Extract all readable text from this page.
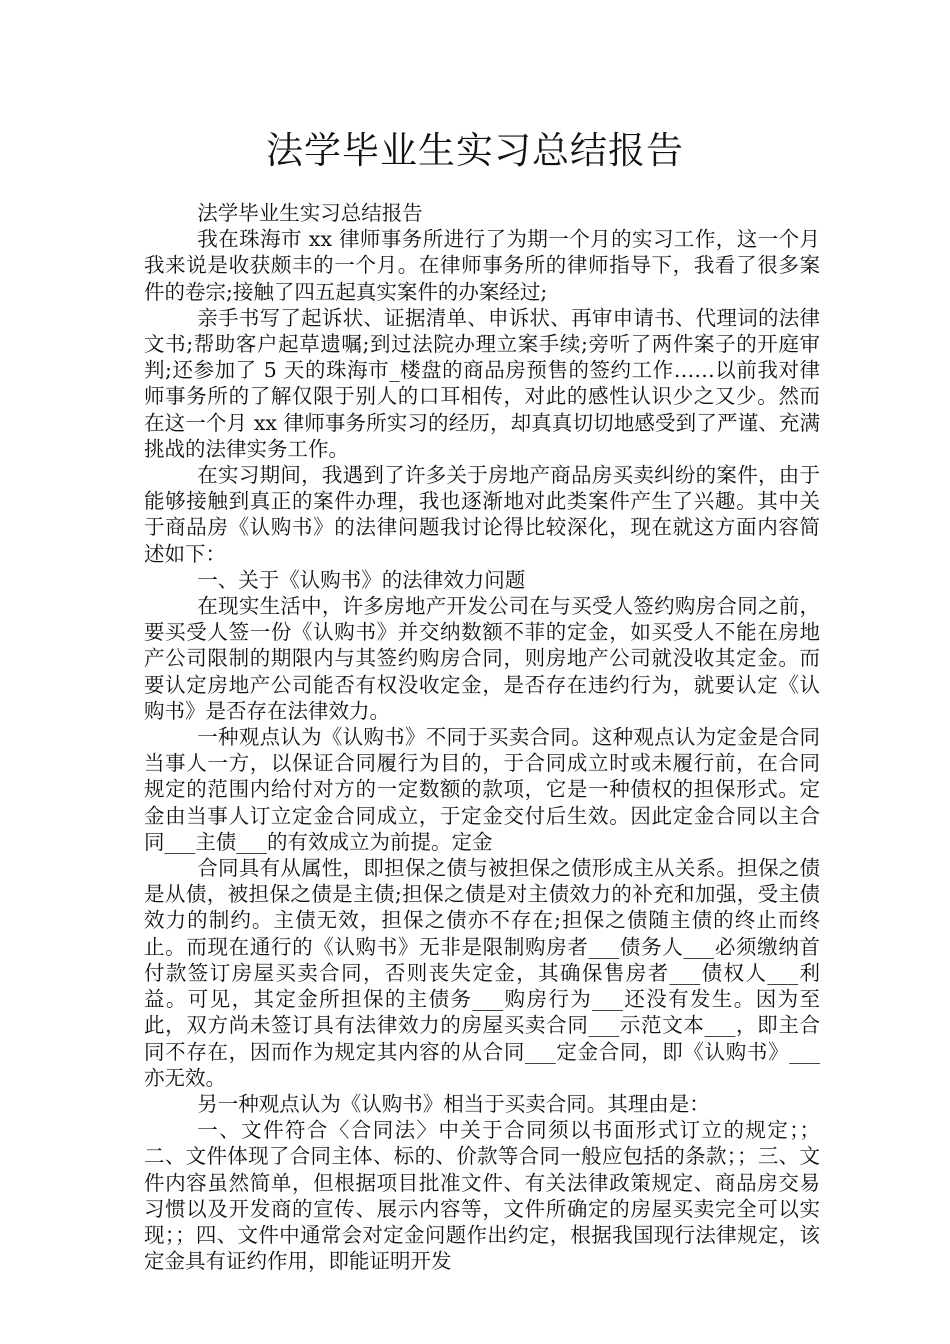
法学毕业生实习总结报告

法学毕业生实习总结报告

我在珠海市 xx 律师事务所进行了为期一个月的实习工作，这一个月我来说是收获颇丰的一个月。在律师事务所的律师指导下，我看了很多案件的卷宗;接触了四五起真实案件的办案经过;

亲手书写了起诉状、证据清单、申诉状、再审申请书、代理词的法律文书;帮助客户起草遗嘱;到过法院办理立案手续;旁听了两件案子的开庭审判;还参加了 5 天的珠海市_楼盘的商品房预售的签约工作……以前我对律师事务所的了解仅限于别人的口耳相传，对此的感性认识少之又少。然而在这一个月 xx 律师事务所实习的经历，却真真切切地感受到了严谨、充满挑战的法律实务工作。

在实习期间，我遇到了许多关于房地产商品房买卖纠纷的案件，由于能够接触到真正的案件办理，我也逐渐地对此类案件产生了兴趣。其中关于商品房《认购书》的法律问题我讨论得比较深化，现在就这方面内容简述如下：

一、关于《认购书》的法律效力问题

在现实生活中，许多房地产开发公司在与买受人签约购房合同之前，要买受人签一份《认购书》并交纳数额不菲的定金，如买受人不能在房地产公司限制的期限内与其签约购房合同，则房地产公司就没收其定金。而要认定房地产公司能否有权没收定金，是否存在违约行为，就要认定《认购书》是否存在法律效力。

一种观点认为《认购书》不同于买卖合同。这种观点认为定金是合同当事人一方，以保证合同履行为目的，于合同成立时或未履行前，在合同规定的范围内给付对方的一定数额的款项，它是一种债权的担保形式。定金由当事人订立定金合同成立，于定金交付后生效。因此定金合同以主合同___主债___的有效成立为前提。定金

合同具有从属性，即担保之债与被担保之债形成主从关系。担保之债是从债，被担保之债是主债;担保之债是对主债效力的补充和加强，受主债效力的制约。主债无效，担保之债亦不存在;担保之债随主债的终止而终止。而现在通行的《认购书》无非是限制购房者___债务人___必须缴纳首付款签订房屋买卖合同，否则丧失定金，其确保售房者___债权人___利益。可见，其定金所担保的主债务___购房行为___还没有发生。因为至此，双方尚未签订具有法律效力的房屋买卖合同___示范文本___，即主合同不存在，因而作为规定其内容的从合同___定金合同，即《认购书》___亦无效。

另一种观点认为《认购书》相当于买卖合同。其理由是：

一、文件符合〈合同法〉中关于合同须以书面形式订立的规定；；二、文件体现了合同主体、标的、价款等合同一般应包括的条款；；三、文件内容虽然简单，但根据项目批准文件、有关法律政策规定、商品房交易习惯以及开发商的宣传、展示内容等，文件所确定的房屋买卖完全可以实现；；四、文件中通常会对定金问题作出约定，根据我国现行法律规定，该定金具有证约作用，即能证明开发
